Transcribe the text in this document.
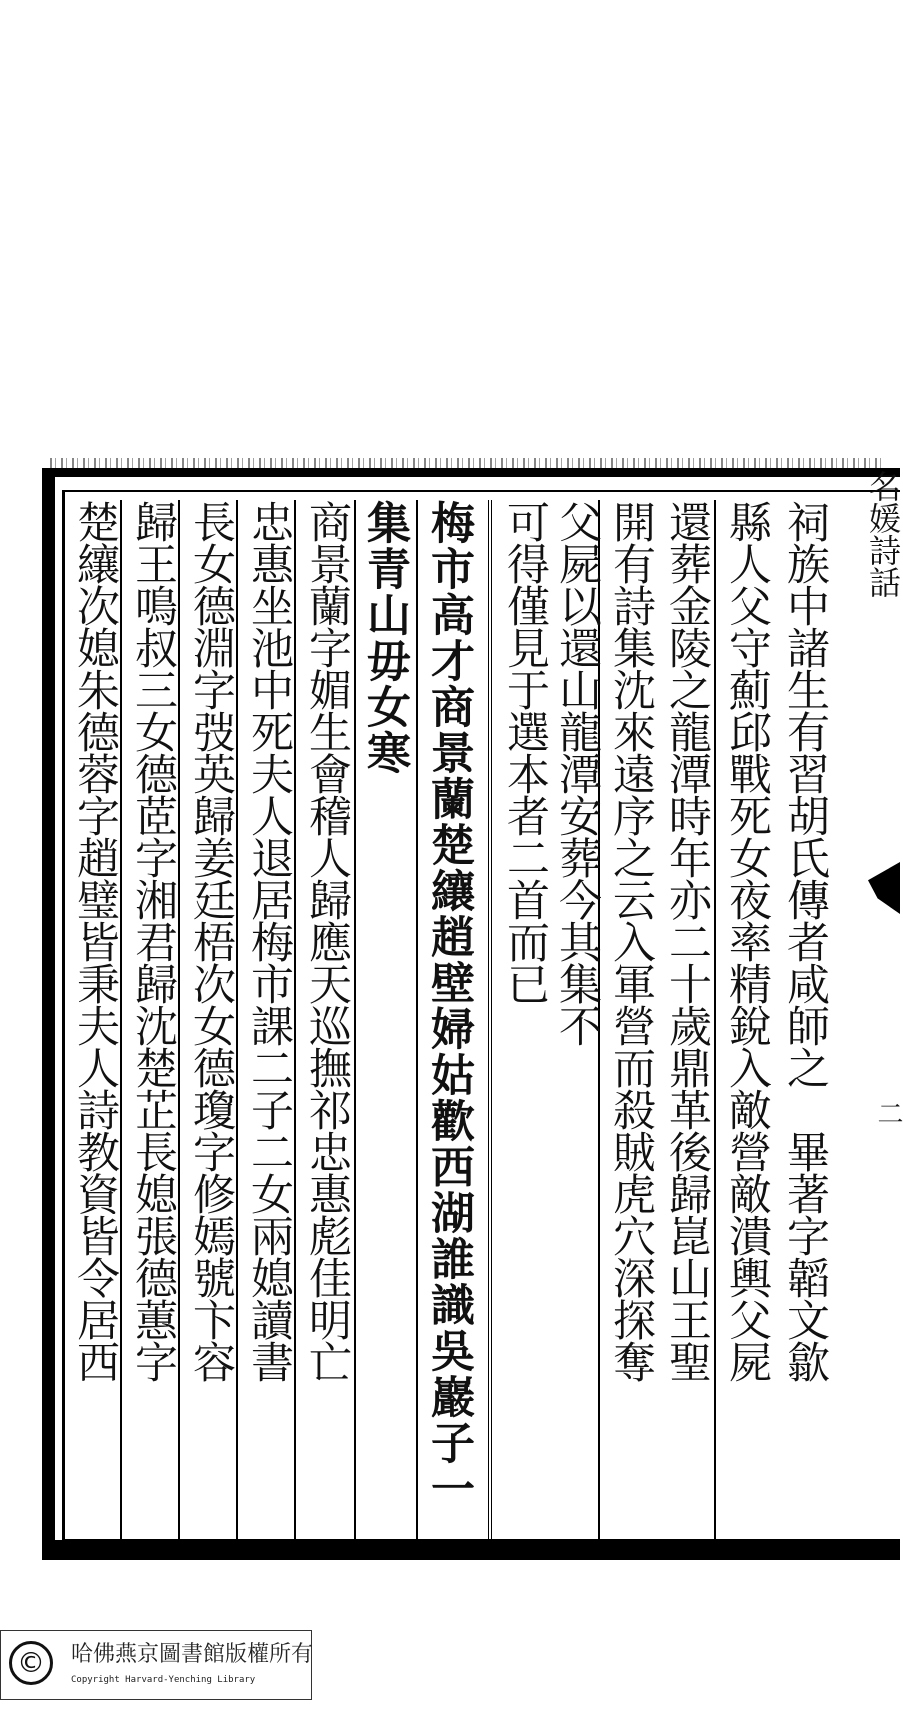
祠族中諸生有習胡氏傳者咸師之　畢著字韜文歙
縣人父守薊邱戰死女夜率精銳入敵營敵潰輿父屍
還葬金陵之龍潭時年亦二十歲鼎革後歸崑山王聖
開有詩集沈來遠序之云入軍營而殺賊虎穴深探奪
父屍以還山龍潭安葬今其集不
可得僅見于選本者二首而已
梅市高才商景蘭楚纕趙壁婦姑歡西湖誰識吳巖子一
集青山毋女寒
商景蘭字媚生會稽人歸應天巡撫祁忠惠彪佳明亡
忠惠坐池中死夫人退居梅市課二子二女兩媳讀書
長女德淵字弢英歸姜廷梧次女德瓊字修嫣號卞容
歸王鳴叔三女德茝字湘君歸沈楚芷長媳張德蕙字
楚纕次媳朱德蓉字趙璧皆秉夫人詩教資皆令居西	名媛詩話
二
©	哈佛燕京圖書館版權所有
Copyright Harvard-Yenching Library
